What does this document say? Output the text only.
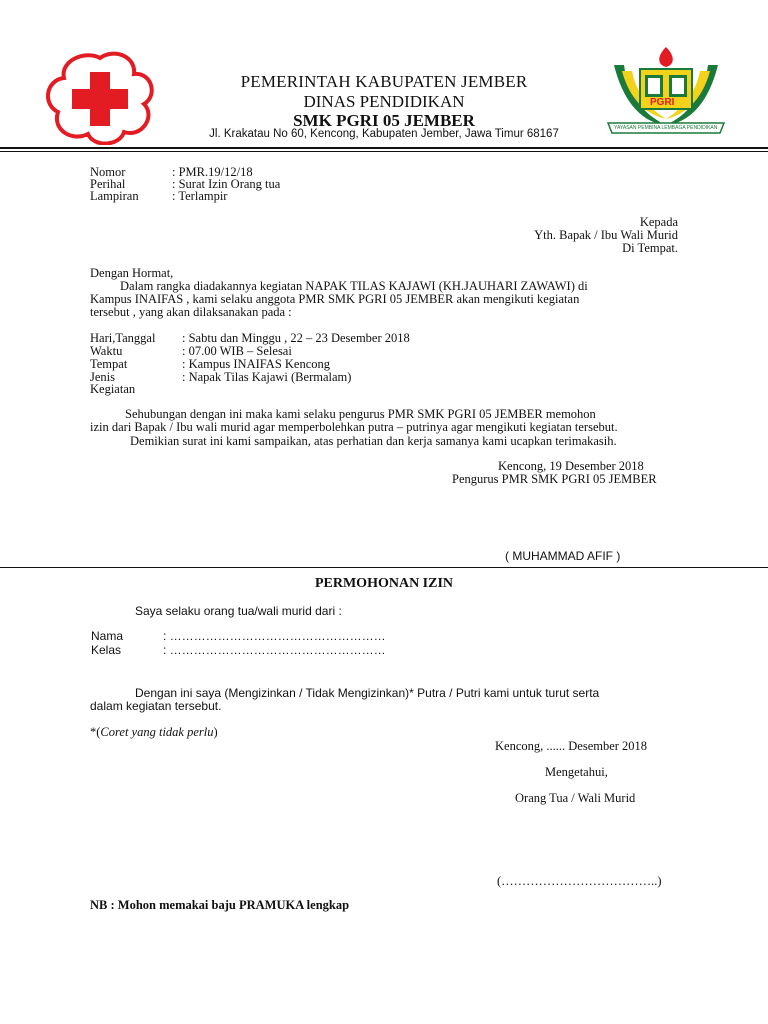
PGRI
YAYASAN PEMBINA LEMBAGA PENDIDIKAN
PEMERINTAH KABUPATEN JEMBER
DINAS PENDIDIKAN
SMK PGRI 05 JEMBER
Jl. Krakatau No 60, Kencong, Kabupaten Jember, Jawa Timur 68167
Nomor	: PMR.19/12/18
Perihal	: Surat Izin Orang tua
Lampiran	: Terlampir
Kepada
Yth. Bapak / Ibu Wali Murid
Di Tempat.
Dengan Hormat,
Dalam rangka diadakannya kegiatan NAPAK TILAS KAJAWI (KH.JAUHARI ZAWAWI) di
Kampus INAIFAS , kami selaku anggota PMR SMK PGRI 05 JEMBER akan mengikuti kegiatan
tersebut , yang akan dilaksanakan pada :
Hari,Tanggal : Sabtu dan Minggu , 22 – 23 Desember 2018
Waktu	: 07.00 WIB – Selesai
Tempat	: Kampus INAIFAS Kencong
Jenis	: Napak Tilas Kajawi (Bermalam)
Kegiatan
Sehubungan dengan ini maka kami selaku pengurus PMR SMK PGRI 05 JEMBER memohon
izin dari Bapak / Ibu wali murid agar memperbolehkan putra – putrinya agar mengikuti kegiatan tersebut.
Demikian surat ini kami sampaikan, atas perhatian dan kerja samanya kami ucapkan terimakasih.
Kencong, 19 Desember 2018
Pengurus PMR SMK PGRI 05 JEMBER
( MUHAMMAD AFIF )
PERMOHONAN IZIN
Saya selaku orang tua/wali murid dari :
Nama	: ………………………………………………
Kelas	: ………………………………………………
Dengan ini saya (Mengizinkan / Tidak Mengizinkan)* Putra / Putri kami untuk turut serta
dalam kegiatan tersebut.
*(Coret yang tidak perlu)
Kencong, ...... Desember 2018
Mengetahui,
Orang Tua / Wali Murid
(………………………………..)
NB : Mohon memakai baju PRAMUKA lengkap
